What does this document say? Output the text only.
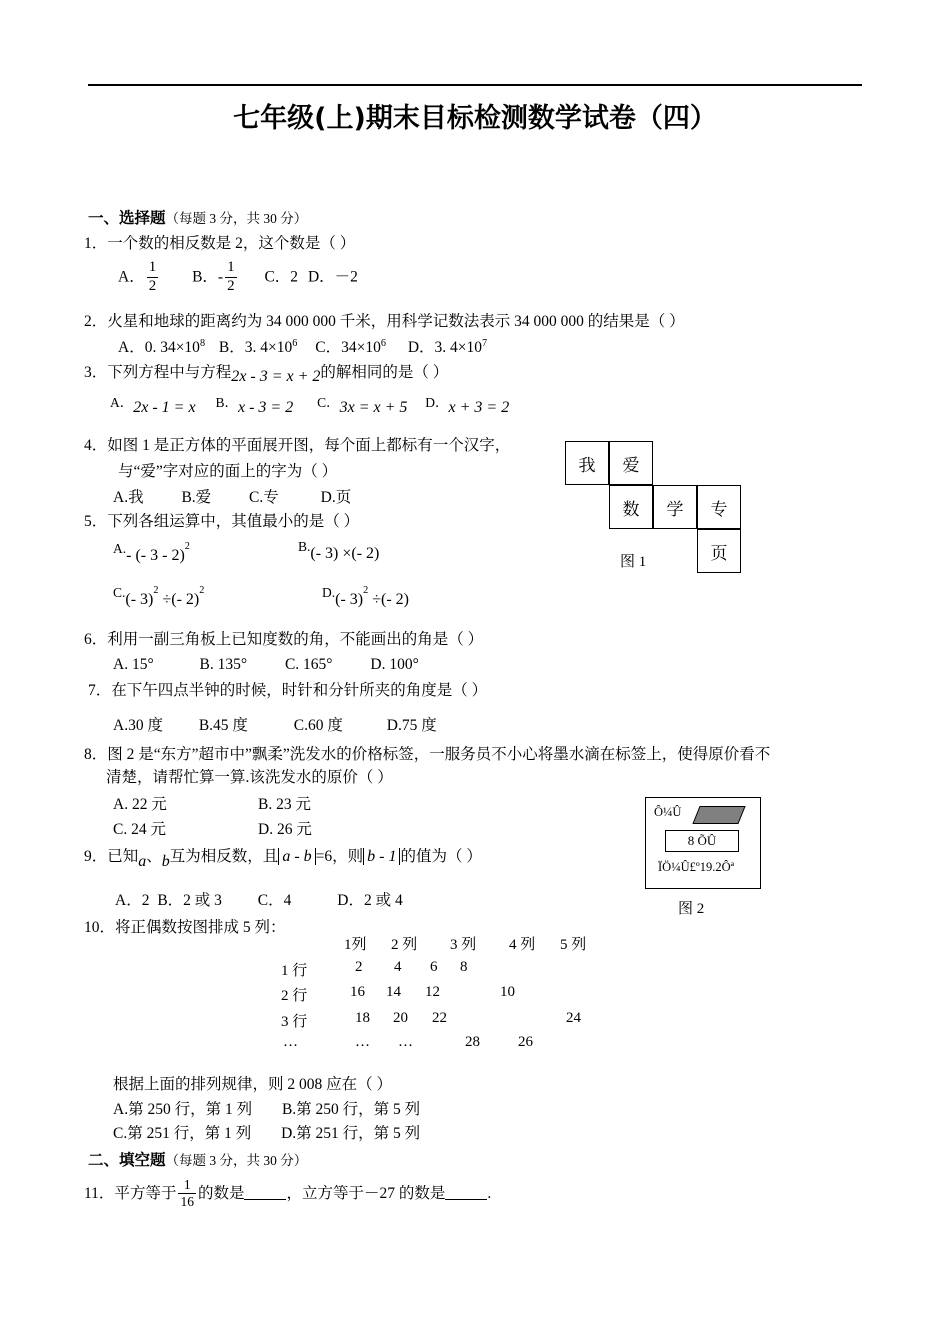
七年级(上)期末目标检测数学试卷（四）
一、选择题（每题 3 分，共 30 分）
1．一个数的相反数是 2，这个数是（ ）
A． $\frac{1}{2}$ B．- $\frac{1}{2}$ C．2 D．－2
2．火星和地球的距离约为 34 000 000 千米，用科学记数法表示 34 000 000 的结果是（ ）
A．0. $34\times 10^8$ B．3. $4\times 10^6$ C．$34\times 10^6$ D．3. $4\times 10^7$
3．下列方程中与方程2x - 3 = x + 2的解相同的是（ ）
A．2x - 1 = x B．x - 3 = 2 C．3x = x + 5 D．x + 3 = 2
4．如图 1 是正方体的平面展开图，每个面上都标有一个汉字，
与“爱”字对应的面上的字为（ ）
A.我 B.爱 C.专	D.页
我	爱
数	学	专
页
图 1
5．下列各组运算中，其值最小的是（ ）
A.- (- 3 - 2)$^2$	B.(- 3) ×(- 2)
C.(- 3)$^2$ ÷(- 2)$^2$	D.(- 3)$^2$ ÷(- 2)
6．利用一副三角板上已知度数的角，不能画出的角是（ ）
A. 15°	B. 135° C. 165° D. 100°
7．在下午四点半钟的时候，时针和分针所夹的角度是（ ）
A.30 度 B.45 度	C.60 度	D.75 度
8．图 2 是“东方”超市中”飘柔”洗发水的价格标签，一服务员不小心将墨水滴在标签上，使得原价看不
清楚，请帮忙算一算.该洗发水的原价（ ）
A. 22 元	B. 23 元
C. 24 元	D. 26 元
Ô¼Û
8 ÕÛ
ÏÖ¼Û£º19.2Ôª
图 2
9．已知a、b互为相反数，且 a - b =6，则 b - 1 的值为（ ）
A．2 B．2 或 3 C．4	D．2 或 4
10．将正偶数按图排成 5 列：
1列 2 列 3 列 4 列 5 列
1 行	2 4 6 8
2 行	16 14 12	10
3 行	18 20 22	24
…	… …	28	26
根据上面的排列规律，则 2 008 应在（ ）
A.第 250 行，第 1 列 B.第 250 行，第 5 列
C.第 251 行，第 1 列 D.第 251 行，第 5 列
二、填空题（每题 3 分，共 30 分）
11．平方等于 $\frac{1}{16}$ 的数是	，立方等于－27 的数是	.
